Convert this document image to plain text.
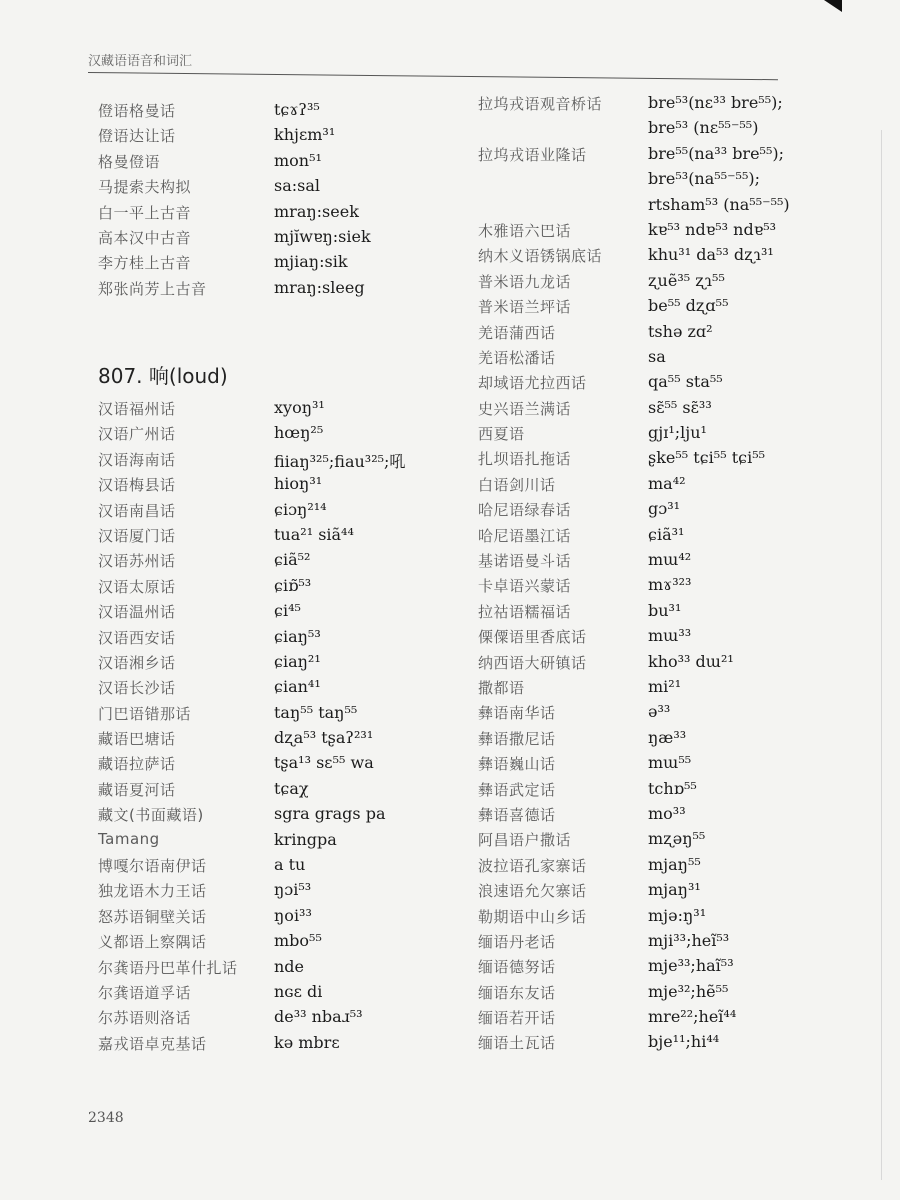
汉藏语语音和词汇
僜语格曼话	tɕɤʔ³⁵
僜语达让话	khjɛm³¹
格曼僜语	mon⁵¹
马提索夫构拟	sa:sal
白一平上古音	mraŋ:seek
高本汉中古音	mjĭwɐŋ:siek
李方桂上古音	mjiaŋ:sik
郑张尚芳上古音	mraŋ:sleeg
807. 响(loud)
汉语福州话	xyoŋ³¹
汉语广州话	hœŋ²⁵
汉语海南话	fiiaŋ³²⁵;fiau³²⁵;吼
汉语梅县话	hioŋ³¹
汉语南昌话	ɕiɔŋ²¹⁴
汉语厦门话	tua²¹ siã⁴⁴
汉语苏州话	ɕiã⁵²
汉语太原话	ɕiɒ̃⁵³
汉语温州话	ɕi⁴⁵
汉语西安话	ɕiaŋ⁵³
汉语湘乡话	ɕiaŋ²¹
汉语长沙话	ɕian⁴¹
门巴语错那话	taŋ⁵⁵ taŋ⁵⁵
藏语巴塘话	dʐa⁵³ tʂaʔ²³¹
藏语拉萨话	tʂa¹³ sɛ⁵⁵ wa
藏语夏河话	tɕaχ
藏文(书面藏语)	sgra grags pa
Tamang	kringpa
博嘎尔语南伊话	a tu
独龙语木力王话	ŋɔi⁵³
怒苏语铜壁关话	ŋoi³³
义都语上察隅话	mbo⁵⁵
尔龚语丹巴革什扎话 nde
尔龚语道孚话	nɢɛ di
尔苏语则洛话	de³³ nbaɹ⁵³
嘉戎语卓克基话	kə mbrɛ
拉坞戎语观音桥话	bre⁵³(nɛ³³ bre⁵⁵);
bre⁵³ (nɛ⁵⁵⁻⁵⁵)
拉坞戎语业隆话	bre⁵⁵(na³³ bre⁵⁵);
bre⁵³(na⁵⁵⁻⁵⁵);
rtsham⁵³ (na⁵⁵⁻⁵⁵)
木雅语六巴话	kɐ⁵³ ndɐ⁵³ ndɐ⁵³
纳木义语锈锅底话	khu³¹ da⁵³ dʐɿ³¹
普米语九龙话	ʐuẽ³⁵ ʐɿ⁵⁵
普米语兰坪话	be⁵⁵ dʐɑ⁵⁵
羌语蒲西话	tshə zɑ²
羌语松潘话	sa
却域语尤拉西话	qa⁵⁵ sta⁵⁵
史兴语兰满话	sɛ̃⁵⁵ sɛ̃³³
西夏语	gjɪ¹;lju¹
扎坝语扎拖话	ʂke⁵⁵ tɕi⁵⁵ tɕi⁵⁵
白语剑川话	ma⁴²
哈尼语绿春话	gɔ³¹
哈尼语墨江话	ɕiã³¹
基诺语曼斗话	mɯ⁴²
卡卓语兴蒙话	mɤ³²³
拉祜语糯福话	bu³¹
傈僳语里香底话	mɯ³³
纳西语大研镇话	kho³³ dɯ²¹
撒都语	mi²¹
彝语南华话	ə³³
彝语撒尼话	ŋæ³³
彝语巍山话	mɯ⁵⁵
彝语武定话	tchɒ⁵⁵
彝语喜德话	mo³³
阿昌语户撒话	mʐəŋ⁵⁵
波拉语孔家寨话	mjaŋ⁵⁵
浪速语允欠寨话	mjaŋ³¹
勒期语中山乡话	mjə:ŋ³¹
缅语丹老话	mji³³;heĩ⁵³
缅语德努话	mje³³;haĩ⁵³
缅语东友话	mje³²;hẽ⁵⁵
缅语若开话	mre²²;heĩ⁴⁴
缅语土瓦话	bje¹¹;hi⁴⁴
2348
